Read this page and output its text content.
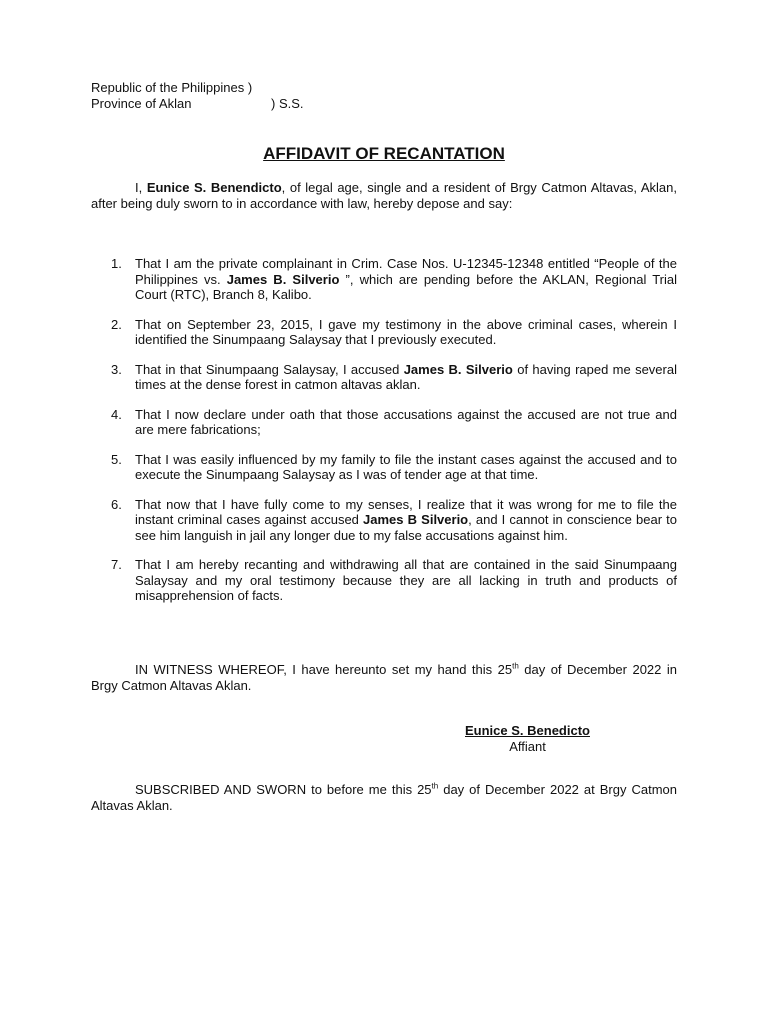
Republic of the Philippines )
Province of Aklan	) S.S.
AFFIDAVIT OF RECANTATION

I, Eunice S. Benendicto, of legal age, single and a resident of Brgy Catmon Altavas, Aklan, after being duly sworn to in accordance with law, hereby depose and say:

1. That I am the private complainant in Crim. Case Nos. U-12345-12348 entitled “People of the Philippines vs. James B. Silverio ”, which are pending before the AKLAN, Regional Trial Court (RTC), Branch 8, Kalibo.
2. That on September 23, 2015, I gave my testimony in the above criminal cases, wherein I identified the Sinumpaang Salaysay that I previously executed.
3. That in that Sinumpaang Salaysay, I accused James B. Silverio of having raped me several times at the dense forest in catmon altavas aklan.
4. That I now declare under oath that those accusations against the accused are not true and are mere fabrications;
5. That I was easily influenced by my family to file the instant cases against the accused and to execute the Sinumpaang Salaysay as I was of tender age at that time.
6. That now that I have fully come to my senses, I realize that it was wrong for me to file the instant criminal cases against accused James B Silverio, and I cannot in conscience bear to see him languish in jail any longer due to my false accusations against him.
7. That I am hereby recanting and withdrawing all that are contained in the said Sinumpaang Salaysay and my oral testimony because they are all lacking in truth and products of misapprehension of facts.

IN WITNESS WHEREOF, I have hereunto set my hand this 25th day of December 2022 in Brgy Catmon Altavas Aklan.

Eunice S. Benedicto
Affiant

SUBSCRIBED AND SWORN to before me this 25th day of December 2022 at Brgy Catmon Altavas Aklan.
